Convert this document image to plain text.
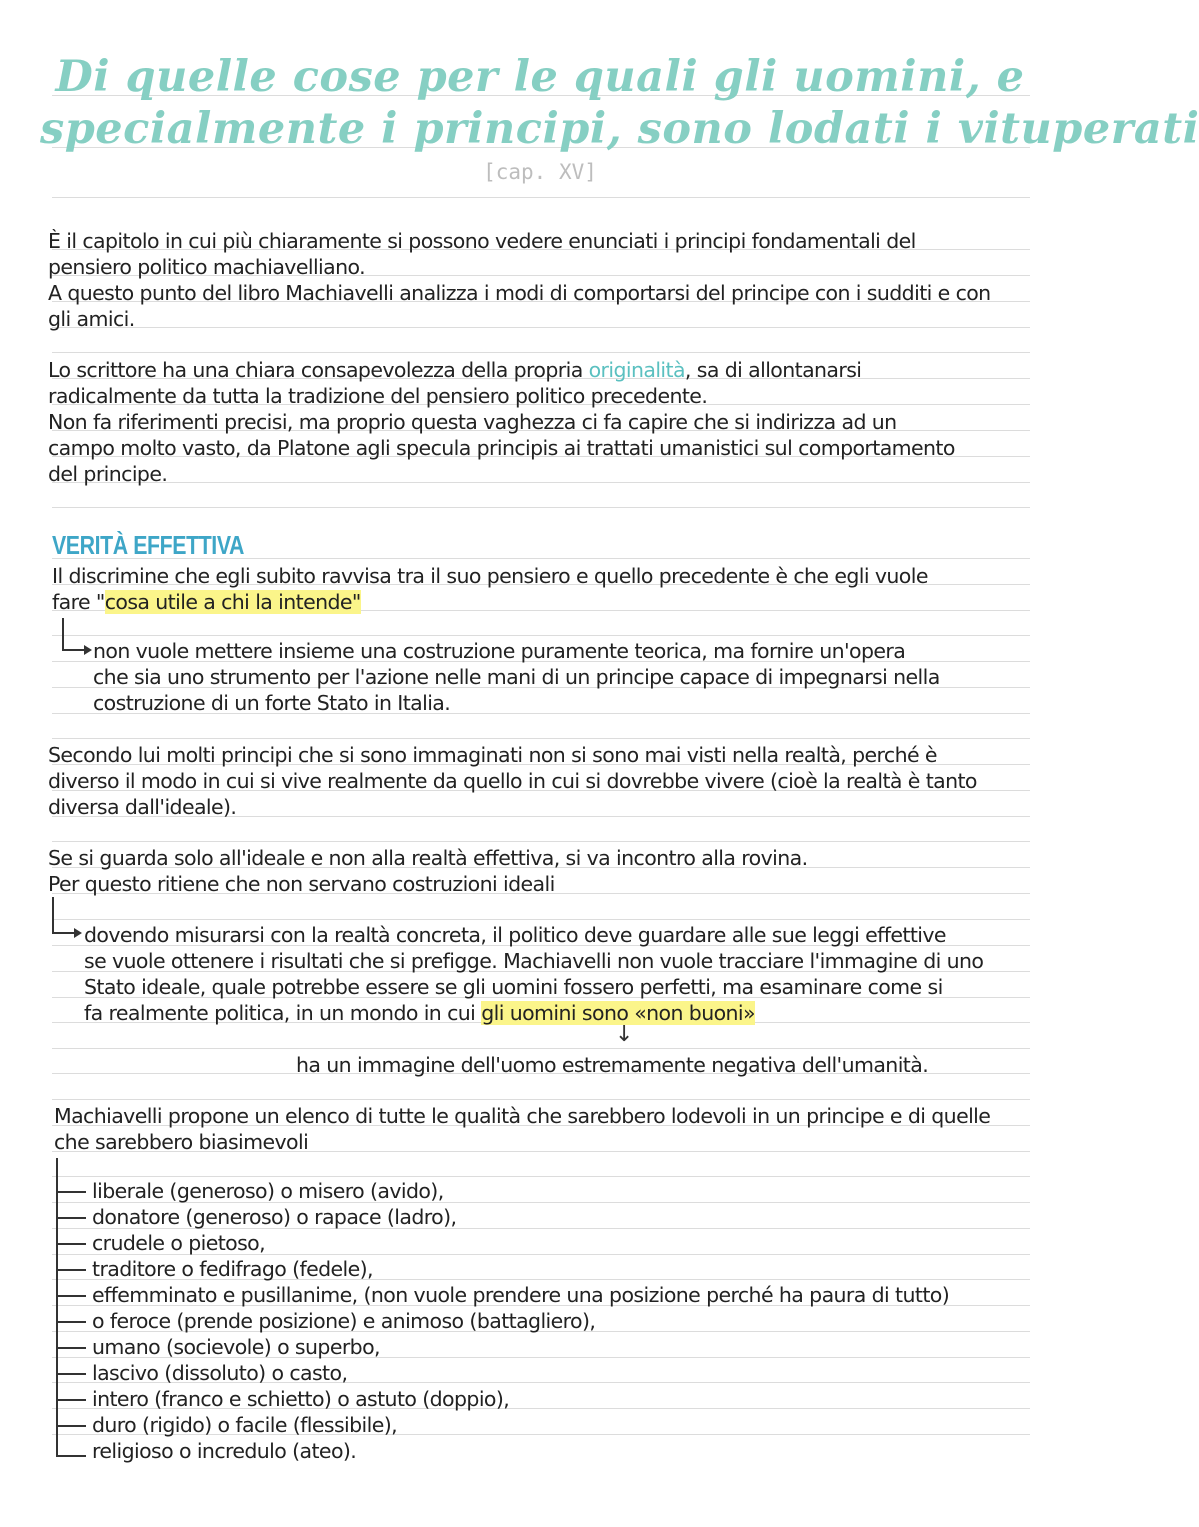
Di quelle cose per le quali gli uomini, e
specialmente i principi, sono lodati i vituperati
[cap. XV]
È il capitolo in cui più chiaramente si possono vedere enunciati i principi fondamentali del
pensiero politico machiavelliano.
A questo punto del libro Machiavelli analizza i modi di comportarsi del principe con i sudditi e con
gli amici.
Lo scrittore ha una chiara consapevolezza della propria originalità, sa di allontanarsi
radicalmente da tutta la tradizione del pensiero politico precedente.
Non fa riferimenti precisi, ma proprio questa vaghezza ci fa capire che si indirizza ad un
campo molto vasto, da Platone agli specula principis ai trattati umanistici sul comportamento
del principe.
VERITÀ EFFETTIVA
Il discrimine che egli subito ravvisa tra il suo pensiero e quello precedente è che egli vuole
fare "cosa utile a chi la intende"
non vuole mettere insieme una costruzione puramente teorica, ma fornire un'opera
che sia uno strumento per l'azione nelle mani di un principe capace di impegnarsi nella
costruzione di un forte Stato in Italia.
Secondo lui molti principi che si sono immaginati non si sono mai visti nella realtà, perché è
diverso il modo in cui si vive realmente da quello in cui si dovrebbe vivere (cioè la realtà è tanto
diversa dall'ideale).
Se si guarda solo all'ideale e non alla realtà effettiva, si va incontro alla rovina.
Per questo ritiene che non servano costruzioni ideali
dovendo misurarsi con la realtà concreta, il politico deve guardare alle sue leggi effettive
se vuole ottenere i risultati che si prefigge. Machiavelli non vuole tracciare l'immagine di uno
Stato ideale, quale potrebbe essere se gli uomini fossero perfetti, ma esaminare come si
fa realmente politica, in un mondo in cui gli uomini sono «non buoni»
↓
ha un immagine dell'uomo estremamente negativa dell'umanità.
Machiavelli propone un elenco di tutte le qualità che sarebbero lodevoli in un principe e di quelle
che sarebbero biasimevoli
liberale (generoso) o misero (avido),
donatore (generoso) o rapace (ladro),
crudele o pietoso,
traditore o fedifrago (fedele),
effemminato e pusillanime, (non vuole prendere una posizione perché ha paura di tutto)
o feroce (prende posizione) e animoso (battagliero),
umano (socievole) o superbo,
lascivo (dissoluto) o casto,
intero (franco e schietto) o astuto (doppio),
duro (rigido) o facile (flessibile),
religioso o incredulo (ateo).
